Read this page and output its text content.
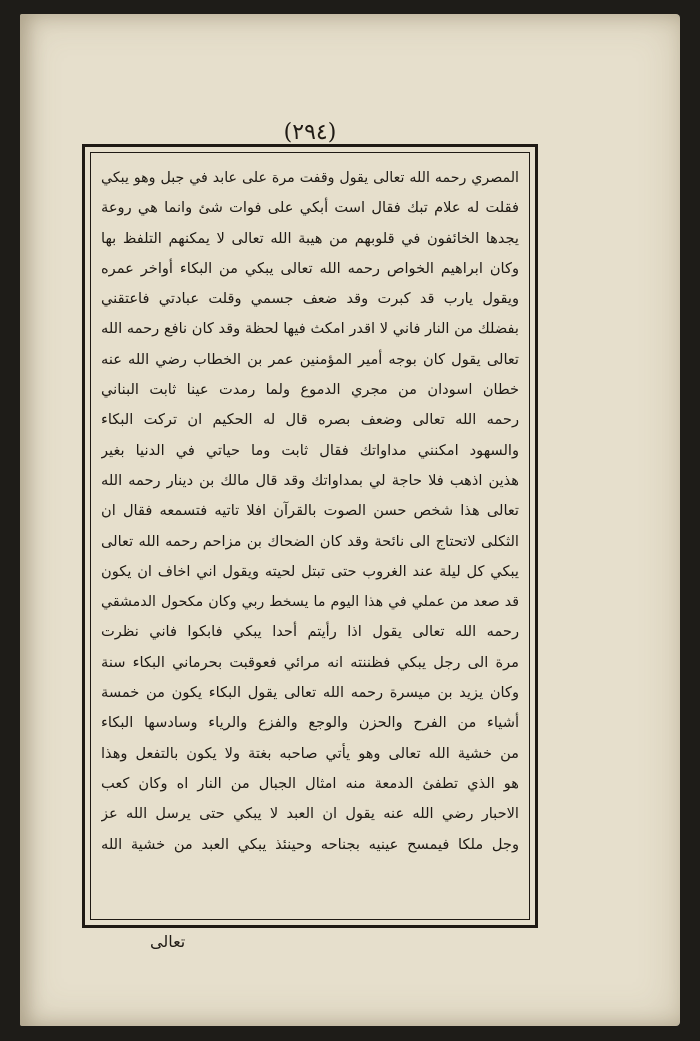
(٢٩٤)
المصري رحمه الله تعالى يقول وقفت مرة على عابد في جبل وهو يبكي
فقلت له علام تبك فقال است أبكي على فوات شئ وانما هي روعة
يجدها الخائفون في قلوبهم من هيبة الله تعالى لا يمكنهم التلفظ بها
وكان ابراهيم الخواص رحمه الله تعالى يبكي من البكاء أواخر عمره
ويقول يارب قد كبرت وقد ضعف جسمي وقلت عبادتي فاعتقني
بفضلك من النار فاني لا اقدر امكث فيها لحظة وقد كان نافع رحمه الله
تعالى يقول كان بوجه أمير المؤمنين عمر بن الخطاب رضي الله عنه
خطان اسودان من مجري الدموع ولما رمدت عينا ثابت البناني
رحمه الله تعالى وضعف بصره قال له الحكيم ان تركت البكاء
والسهود امكنني مداواتك فقال ثابت وما حياتي في الدنيا بغير
هذين اذهب فلا حاجة لي بمداواتك وقد قال مالك بن دينار رحمه الله
تعالى هذا شخص حسن الصوت بالقرآن افلا تاتيه فتسمعه فقال ان
الثكلى لاتحتاج الى نائحة وقد كان الضحاك بن مزاحم رحمه الله تعالى
يبكي كل ليلة عند الغروب حتى تبتل لحيته ويقول اني اخاف ان يكون
قد صعد من عملي في هذا اليوم ما يسخط ربي وكان مكحول الدمشقي
رحمه الله تعالى يقول اذا رأيتم أحدا يبكي فابكوا فاني نظرت
مرة الى رجل يبكي فظننته انه مرائي فعوقبت بحرماني البكاء سنة
وكان يزيد بن ميسرة رحمه الله تعالى يقول البكاء يكون من خمسة
أشياء من الفرح والحزن والوجع والفزع والرياء وسادسها البكاء
من خشية الله تعالى وهو يأتي صاحبه بغتة ولا يكون بالتفعل وهذا
هو الذي تطفئ الدمعة منه امثال الجبال من النار اه وكان كعب
الاحبار رضي الله عنه يقول ان العبد لا يبكي حتى يرسل الله عز
وجل ملكا فيمسح عينيه بجناحه وحينئذ يبكي العبد من خشية الله
تعالى
